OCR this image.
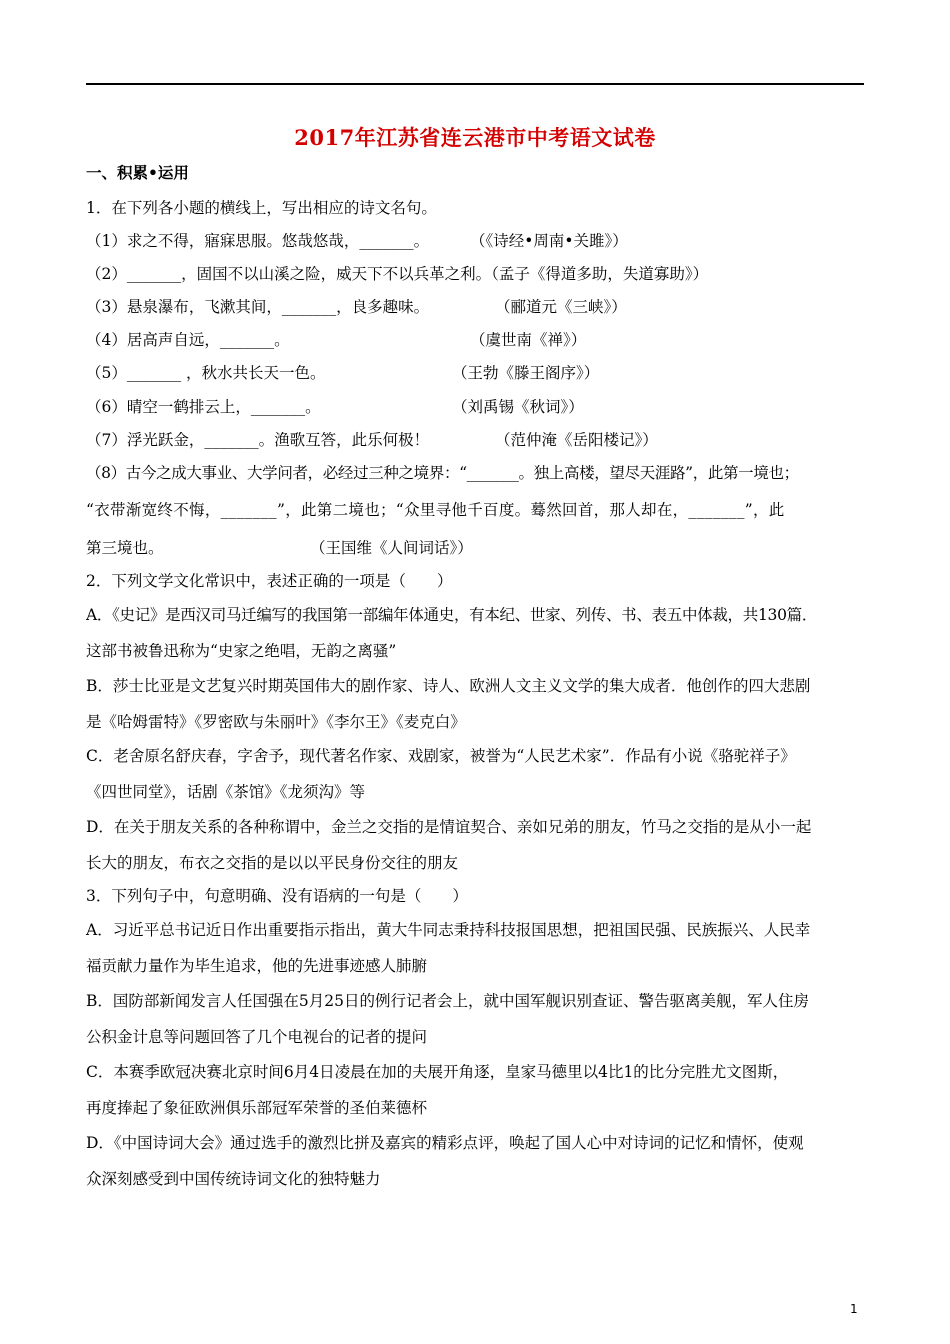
2017年江苏省连云港市中考语文试卷
一、积累•运用
1．在下列各小题的横线上，写出相应的诗文名句。
（1）求之不得，寤寐思服。悠哉悠哉，_______。	（《诗经•周南•关雎》）
（2）_______，固国不以山溪之险，威天下不以兵革之利。（孟子《得道多助，失道寡助》）
（3）悬泉瀑布，飞漱其间，_______，良多趣味。	（郦道元《三峡》）
（4）居高声自远，_______。	（虞世南《禅》）
（5）_______ ，秋水共长天一色。	（王勃《滕王阁序》）
（6）晴空一鹤排云上，_______。	（刘禹锡《秋词》）
（7）浮光跃金，_______。渔歌互答，此乐何极！	（范仲淹《岳阳楼记》）
（8）古今之成大事业、大学问者，必经过三种之境界：“_______。独上高楼，望尽天涯路”，此第一境也；
“衣带渐宽终不悔，_______”，此第二境也；“众里寻他千百度。蓦然回首，那人却在，_______”，此
第三境也。	（王国维《人间词话》）
2．下列文学文化常识中，表述正确的一项是（　　）
A．《史记》是西汉司马迁编写的我国第一部编年体通史，有本纪、世家、列传、书、表五中体裁，共130篇．
这部书被鲁迅称为“史家之绝唱，无韵之离骚”
B．莎士比亚是文艺复兴时期英国伟大的剧作家、诗人、欧洲人文主义文学的集大成者．他创作的四大悲剧
是《哈姆雷特》《罗密欧与朱丽叶》《李尔王》《麦克白》
C．老舍原名舒庆春，字舍予，现代著名作家、戏剧家，被誉为“人民艺术家”．作品有小说《骆驼祥子》
《四世同堂》，话剧《茶馆》《龙须沟》等
D．在关于朋友关系的各种称谓中，金兰之交指的是情谊契合、亲如兄弟的朋友，竹马之交指的是从小一起
长大的朋友，布衣之交指的是以以平民身份交往的朋友
3．下列句子中，句意明确、没有语病的一句是（　　）
A．习近平总书记近日作出重要指示指出，黄大牛同志秉持科技报国思想，把祖国民强、民族振兴、人民幸
福贡献力量作为毕生追求，他的先进事迹感人肺腑
B．国防部新闻发言人任国强在5月25日的例行记者会上，就中国军舰识别查证、警告驱离美舰，军人住房
公积金计息等问题回答了几个电视台的记者的提问
C．本赛季欧冠决赛北京时间6月4日凌晨在加的夫展开角逐，皇家马德里以4比1的比分完胜尤文图斯，
再度捧起了象征欧洲俱乐部冠军荣誉的圣伯莱德杯
D．《中国诗词大会》通过选手的激烈比拼及嘉宾的精彩点评，唤起了国人心中对诗词的记忆和情怀，使观
众深刻感受到中国传统诗词文化的独特魅力
1
